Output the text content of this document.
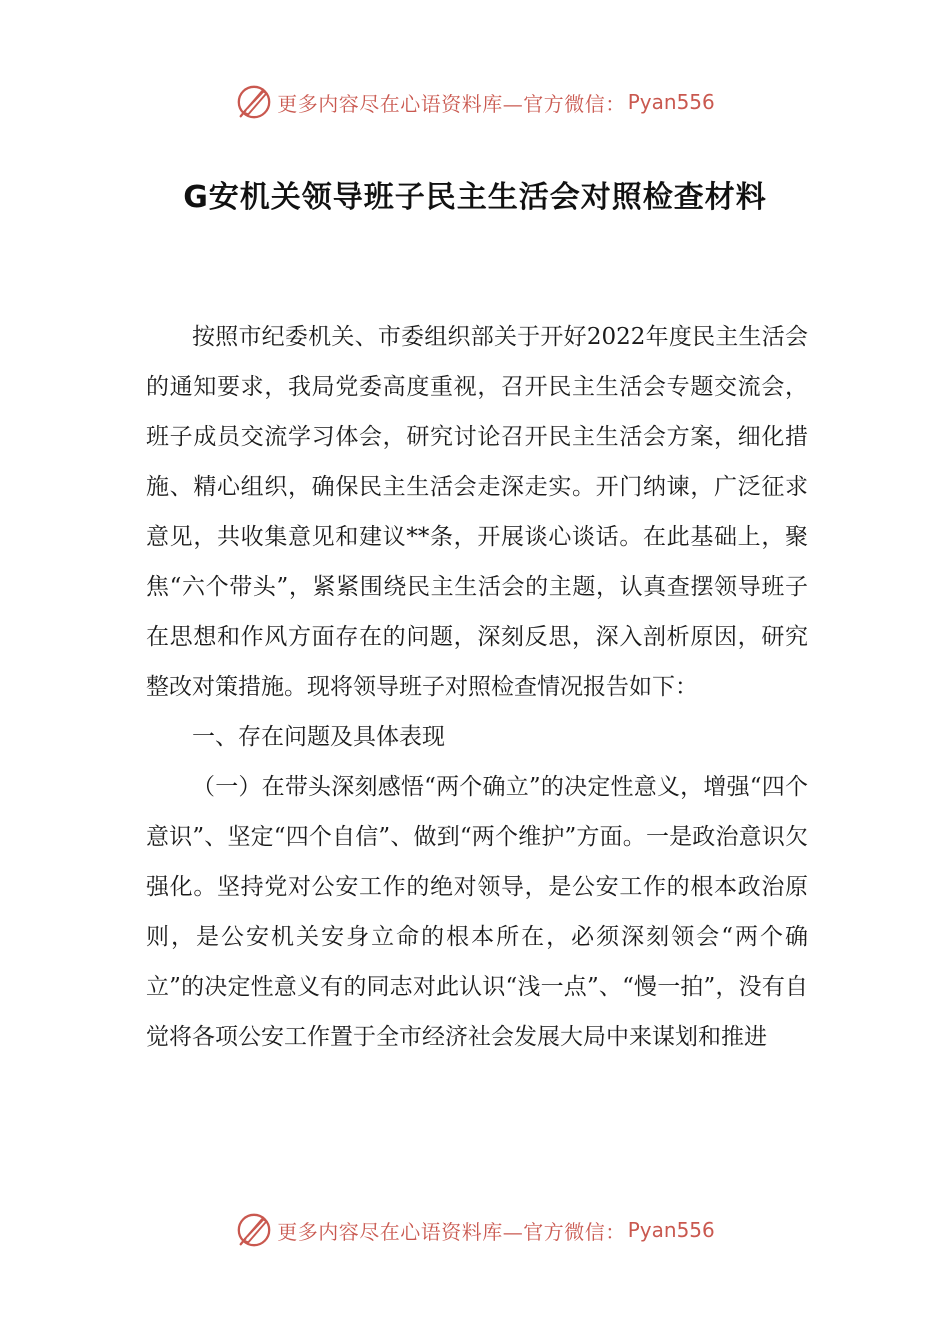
更多内容尽在心语资料库—官方微信： Pyan556
G安机关领导班子民主生活会对照检查材料

按照市纪委机关、市委组织部关于开好2022年度民主生活会的通知要求，我局党委高度重视，召开民主生活会专题交流会，班子成员交流学习体会，研究讨论召开民主生活会方案，细化措施、精心组织，确保民主生活会走深走实。开门纳谏，广泛征求意见，共收集意见和建议**条，开展谈心谈话。在此基础上，聚焦“六个带头”，紧紧围绕民主生活会的主题，认真查摆领导班子在思想和作风方面存在的问题，深刻反思，深入剖析原因，研究整改对策措施。现将领导班子对照检查情况报告如下：

一、存在问题及具体表现

（一）在带头深刻感悟“两个确立”的决定性意义，增强“四个意识”、坚定“四个自信”、做到“两个维护”方面。一是政治意识欠强化。坚持党对公安工作的绝对领导，是公安工作的根本政治原则，是公安机关安身立命的根本所在，必须深刻领会“两个确立”的决定性意义有的同志对此认识“浅一点”、“慢一拍”，没有自觉将各项公安工作置于全市经济社会发展大局中来谋划和推进

更多内容尽在心语资料库—官方微信： Pyan556
